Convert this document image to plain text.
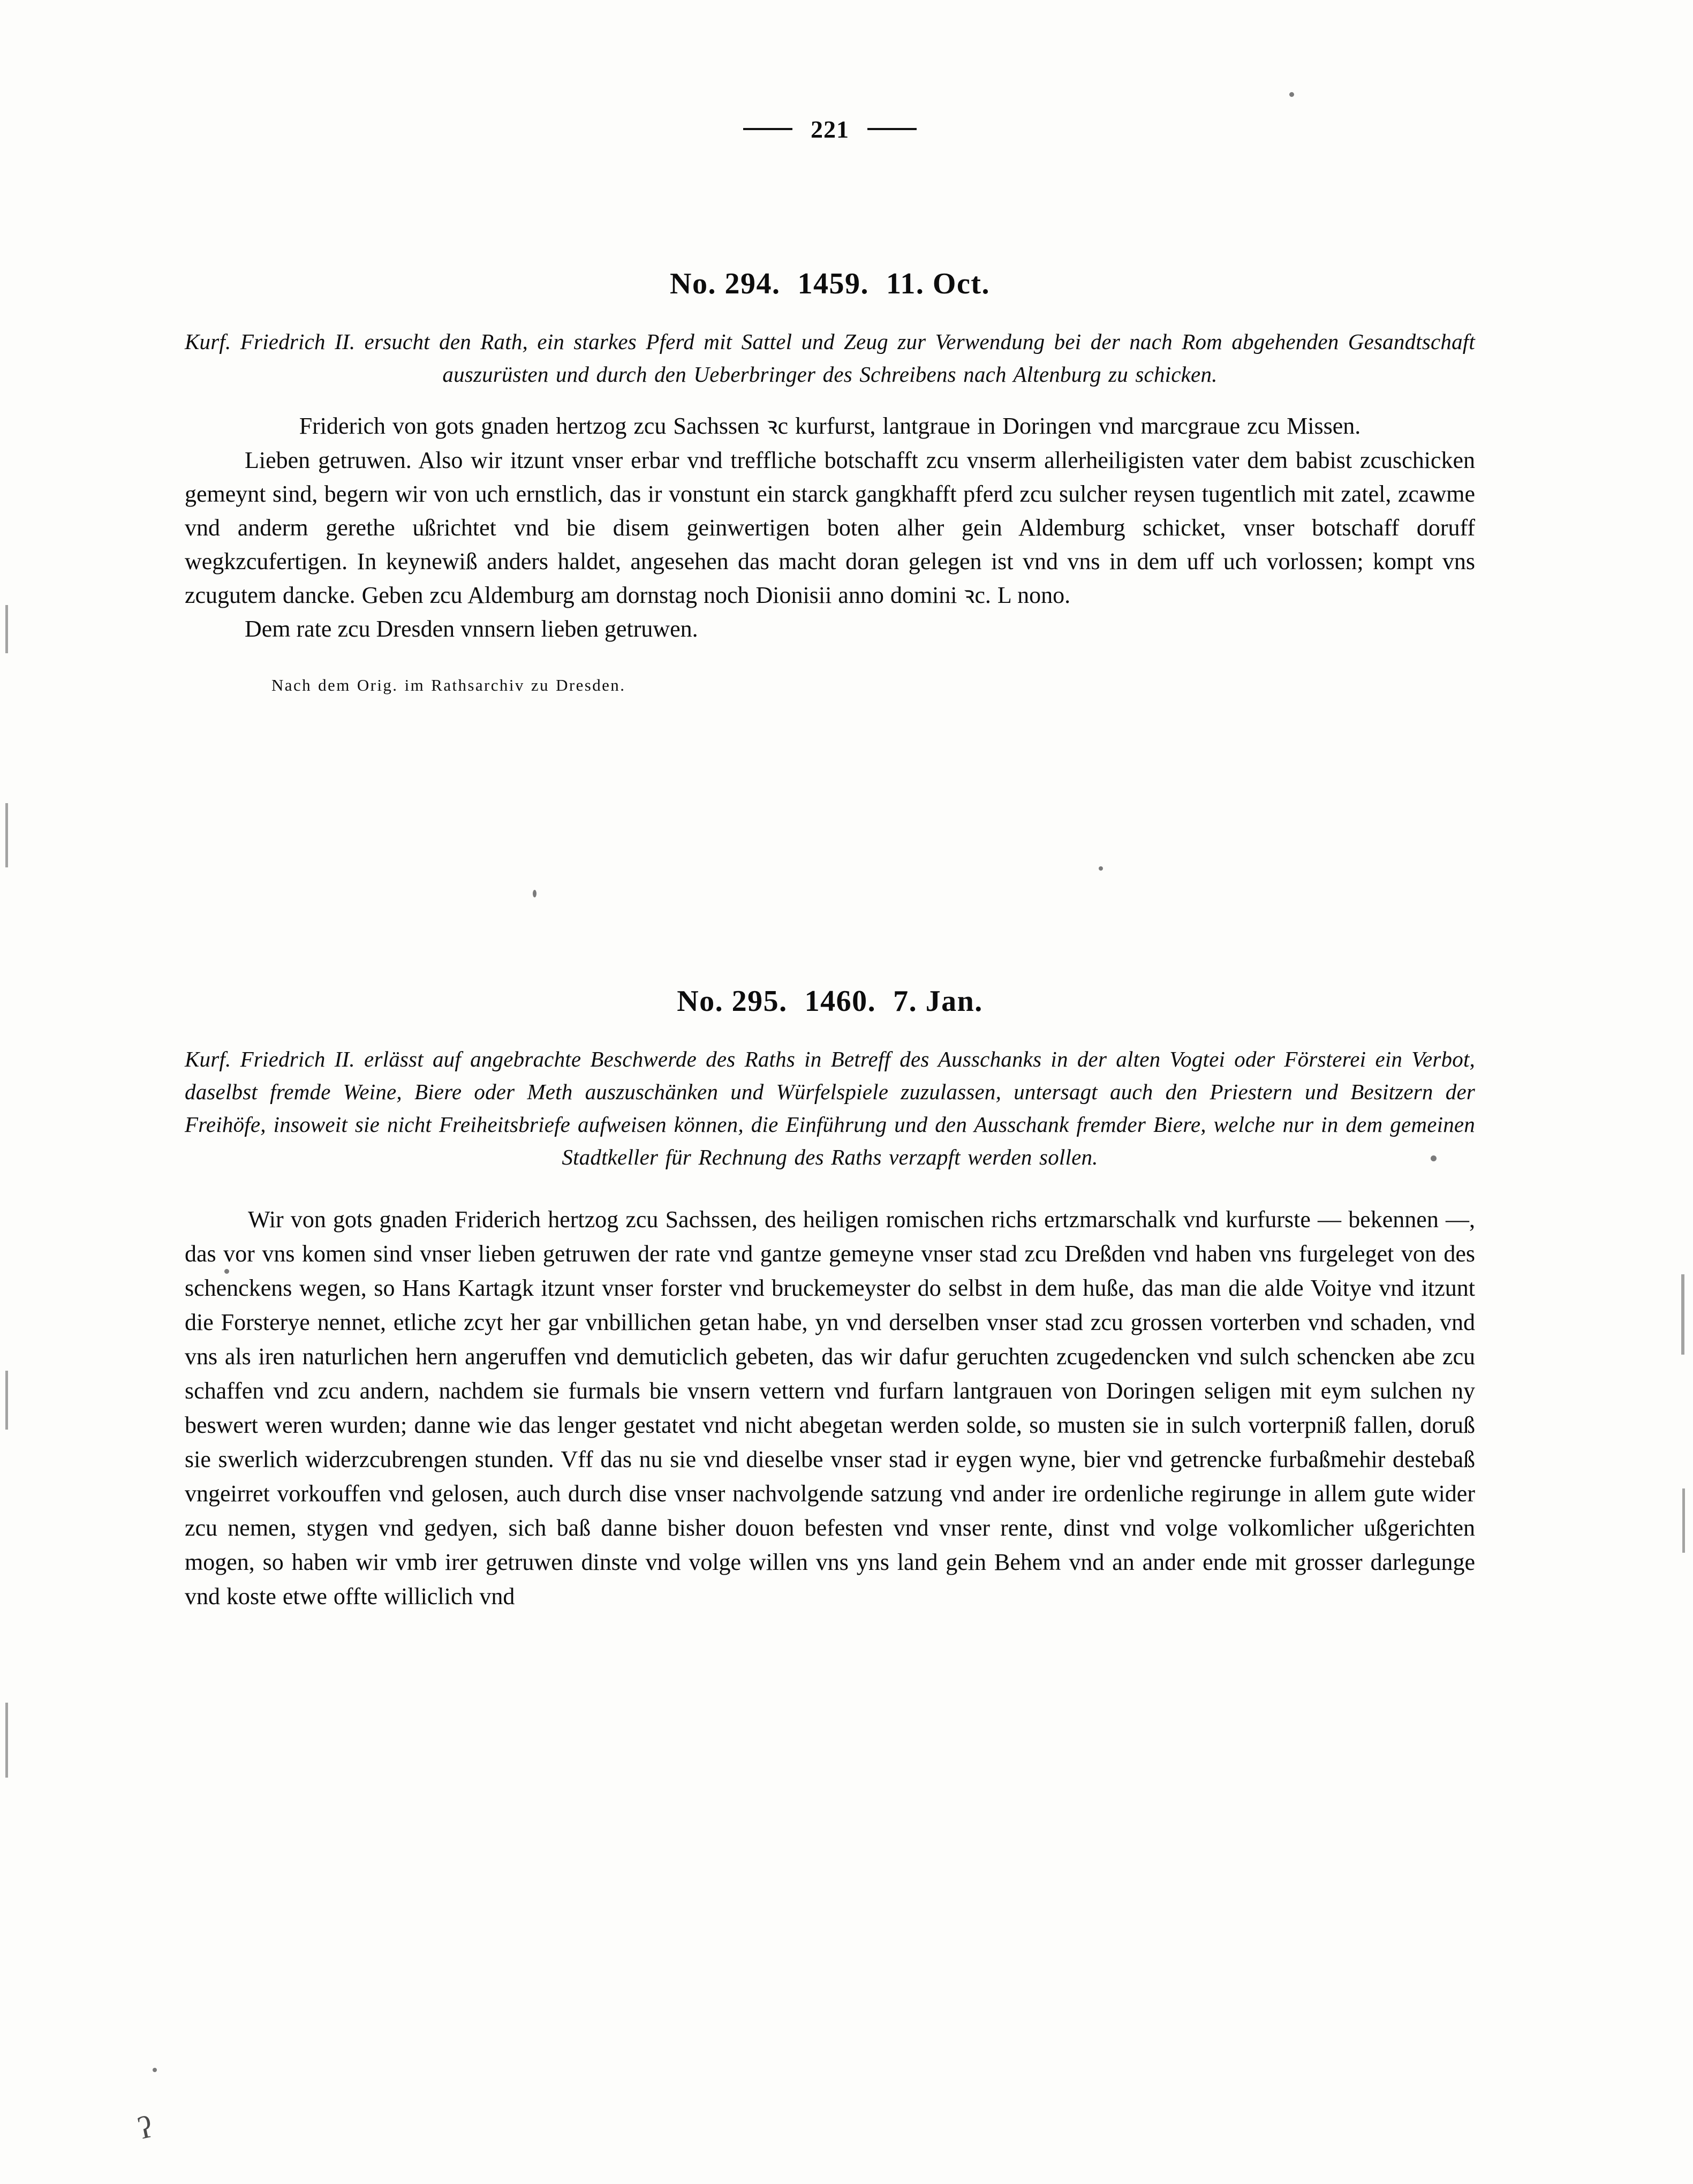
221
No. 294. 1459. 11. Oct.
Kurf. Friedrich II. ersucht den Rath, ein starkes Pferd mit Sattel und Zeug zur Verwendung bei der nach Rom abgehenden Gesandtschaft auszurüsten und durch den Ueberbringer des Schreibens nach Altenburg zu schicken.
Friderich von gots gnaden hertzog zcu Sachssen ꝛc kurfurst, lantgraue in Doringen vnd marcgraue zcu Missen.
Lieben getruwen. Also wir itzunt vnser erbar vnd treffliche botschafft zcu vnserm allerheiligisten vater dem babist zcuschicken gemeynt sind, begern wir von uch ernstlich, das ir vonstunt ein starck gangkhafft pferd zcu sulcher reysen tugentlich mit zatel, zcawme vnd anderm gerethe ußrichtet vnd bie disem geinwertigen boten alher gein Aldemburg schicket, vnser botschaff doruff wegkzcufertigen. In keynewiß anders haldet, angesehen das macht doran gelegen ist vnd vns in dem uff uch vorlossen; kompt vns zcugutem dancke. Geben zcu Aldemburg am dornstag noch Dionisii anno domini ꝛc. L nono.
Dem rate zcu Dresden vnnsern lieben getruwen.
Nach dem Orig. im Rathsarchiv zu Dresden.
No. 295. 1460. 7. Jan.
Kurf. Friedrich II. erlässt auf angebrachte Beschwerde des Raths in Betreff des Ausschanks in der alten Vogtei oder Försterei ein Verbot, daselbst fremde Weine, Biere oder Meth auszuschänken und Würfelspiele zuzulassen, untersagt auch den Priestern und Besitzern der Freihöfe, insoweit sie nicht Freiheitsbriefe aufweisen können, die Einführung und den Ausschank fremder Biere, welche nur in dem gemeinen Stadtkeller für Rechnung des Raths verzapft werden sollen.
Wir von gots gnaden Friderich hertzog zcu Sachssen, des heiligen romischen richs ertzmarschalk vnd kurfurste — bekennen —, das vor vns komen sind vnser lieben getruwen der rate vnd gantze gemeyne vnser stad zcu Dreßden vnd haben vns furgeleget von des schenckens wegen, so Hans Kartagk itzunt vnser forster vnd bruckemeyster do selbst in dem huße, das man die alde Voitye vnd itzunt die Forsterye nennet, etliche zcyt her gar vnbillichen getan habe, yn vnd derselben vnser stad zcu grossen vorterben vnd schaden, vnd vns als iren naturlichen hern angeruffen vnd demuticlich gebeten, das wir dafur geruchten zcugedencken vnd sulch schencken abe zcu schaffen vnd zcu andern, nachdem sie furmals bie vnsern vettern vnd furfarn lantgrauen von Doringen seligen mit eym sulchen ny beswert weren wurden; danne wie das lenger gestatet vnd nicht abegetan werden solde, so musten sie in sulch vorterpniß fallen, doruß sie swerlich widerzcubrengen stunden. Vff das nu sie vnd dieselbe vnser stad ir eygen wyne, bier vnd getrencke furbaßmehir destebaß vngeirret vorkouffen vnd gelosen, auch durch dise vnser nachvolgende satzung vnd ander ire ordenliche regirunge in allem gute wider zcu nemen, stygen vnd gedyen, sich baß danne bisher douon befesten vnd vnser rente, dinst vnd volge volkomlicher ußgerichten mogen, so haben wir vmb irer getruwen dinste vnd volge willen vns yns land gein Behem vnd an ander ende mit grosser darlegunge vnd koste etwe offte williclich vnd
ʔ
